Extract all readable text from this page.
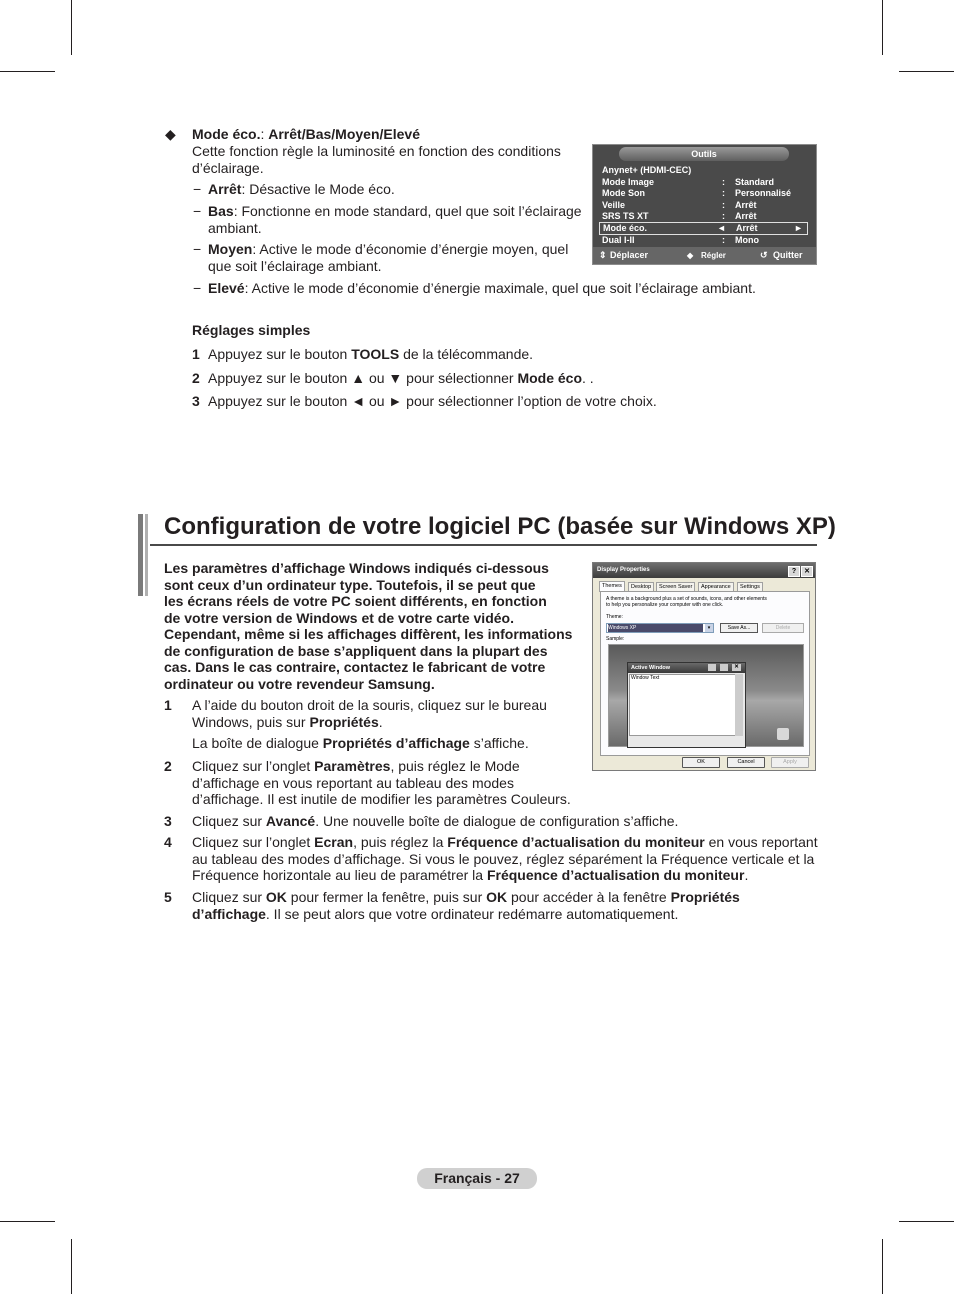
◆ Mode éco.: Arrêt/Bas/Moyen/Elevé
Cette fonction règle la luminosité en fonction des conditions
d’éclairage.
− Arrêt: Désactive le Mode éco.
− Bas: Fonctionne en mode standard, quel que soit l’éclairage
ambiant.
− Moyen: Active le mode d’économie d’énergie moyen, quel
que soit l’éclairage ambiant.
− Elevé: Active le mode d’économie d’énergie maximale, quel que soit l’éclairage ambiant.
Outils
Anynet+ (HDMI-CEC)
Mode Image	: Standard
Mode Son	: Personnalisé
Veille	: Arrêt
SRS TS XT	: Arrêt
Mode éco.	◄ Arrêt	►
Dual I-II	: Mono
⇕ Déplacer	◆ Régler	↺ Quitter
Réglages simples
1 Appuyez sur le bouton TOOLS de la télécommande.
2 Appuyez sur le bouton ▲ ou ▼ pour sélectionner Mode éco. .
3 Appuyez sur le bouton ◄ ou ► pour sélectionner l’option de votre choix.
Configuration de votre logiciel PC (basée sur Windows XP)
Les paramètres d’affichage Windows indiqués ci-dessous
sont ceux d’un ordinateur type. Toutefois, il se peut que
les écrans réels de votre PC soient différents, en fonction
de votre version de Windows et de votre carte vidéo.
Cependant, même si les affichages diffèrent, les informations
de configuration de base s’appliquent dans la plupart des
cas. Dans le cas contraire, contactez le fabricant de votre
ordinateur ou votre revendeur Samsung.
1 A l’aide du bouton droit de la souris, cliquez sur le bureau
Windows, puis sur Propriétés.
La boîte de dialogue Propriétés d’affichage s’affiche.
2 Cliquez sur l’onglet Paramètres, puis réglez le Mode
d’affichage en vous reportant au tableau des modes
d’affichage. Il est inutile de modifier les paramètres Couleurs.
3 Cliquez sur Avancé. Une nouvelle boîte de dialogue de configuration s’affiche.
4 Cliquez sur l’onglet Ecran, puis réglez la Fréquence d’actualisation du moniteur en vous reportant
au tableau des modes d’affichage. Si vous le pouvez, réglez séparément la Fréquence verticale et la
Fréquence horizontale au lieu de paramétrer la Fréquence d’actualisation du moniteur.
5 Cliquez sur OK pour fermer la fenêtre, puis sur OK pour accéder à la fenêtre Propriétés
d’affichage. Il se peut alors que votre ordinateur redémarre automatiquement.
Display Properties	?	✕
Themes	Desktop	Screen Saver	Appearance	Settings
A theme is a background plus a set of sounds, icons, and other elements
to help you personalize your computer with one click.
Theme:
Windows XP	▾	Save As...	Delete
Sample:
Active Window	✕
Window Text
OK	Cancel	Apply
Français - 27
